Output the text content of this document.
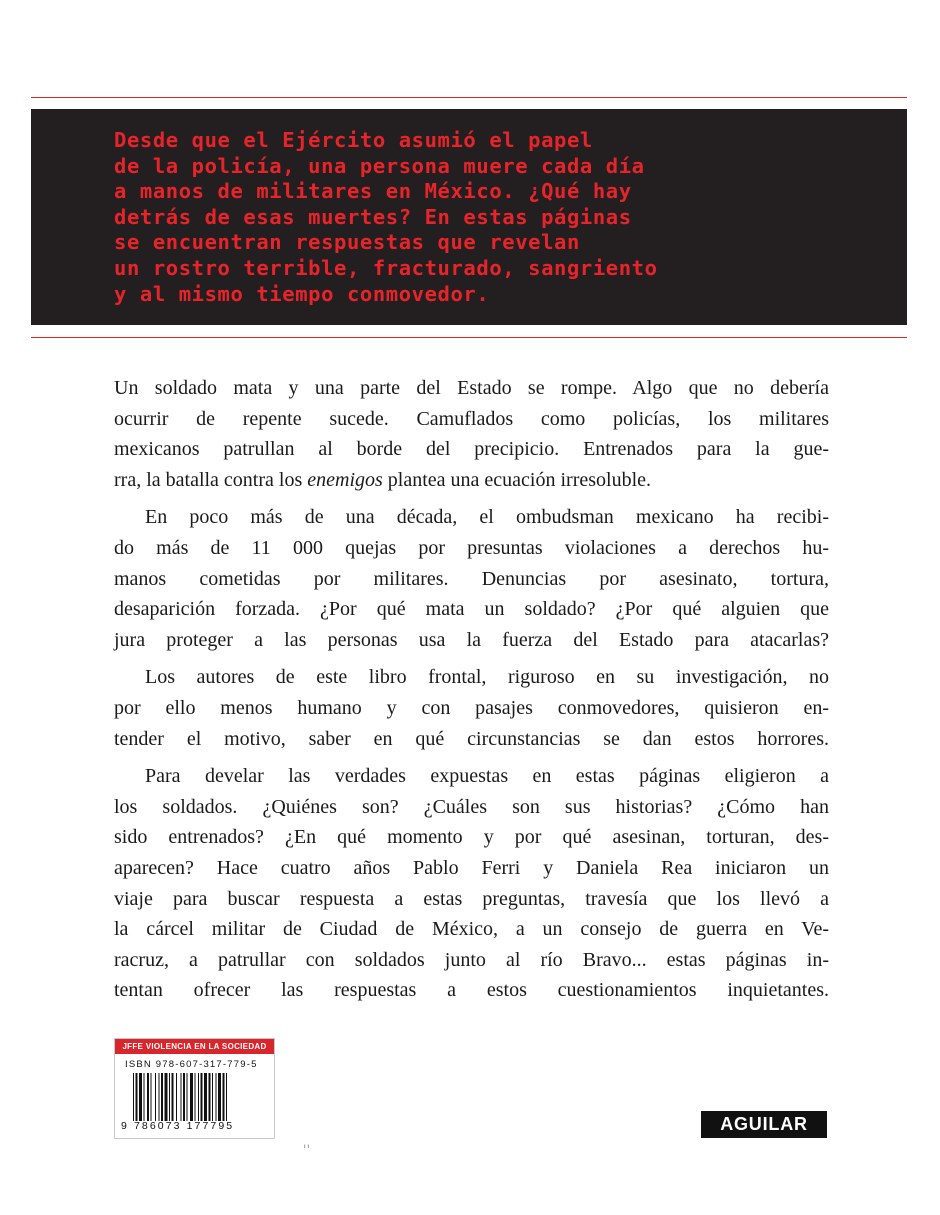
Desde que el Ejército asumió el papel
de la policía, una persona muere cada día
a manos de militares en México. ¿Qué hay
detrás de esas muertes? En estas páginas
se encuentran respuestas que revelan
un rostro terrible, fracturado, sangriento
y al mismo tiempo conmovedor.

Un soldado mata y una parte del Estado se rompe. Algo que no debería
ocurrir de repente sucede. Camuflados como policías, los militares
mexicanos patrullan al borde del precipicio. Entrenados para la gue-
rra, la batalla contra los enemigos plantea una ecuación irresoluble.

En poco más de una década, el ombudsman mexicano ha recibi-
do más de 11 000 quejas por presuntas violaciones a derechos hu-
manos cometidas por militares. Denuncias por asesinato, tortura,
desaparición forzada. ¿Por qué mata un soldado? ¿Por qué alguien que
jura proteger a las personas usa la fuerza del Estado para atacarlas?

Los autores de este libro frontal, riguroso en su investigación, no
por ello menos humano y con pasajes conmovedores, quisieron en-
tender el motivo, saber en qué circunstancias se dan estos horrores.

Para develar las verdades expuestas en estas páginas eligieron a
los soldados. ¿Quiénes son? ¿Cuáles son sus historias? ¿Cómo han
sido entrenados? ¿En qué momento y por qué asesinan, torturan, des-
aparecen? Hace cuatro años Pablo Ferri y Daniela Rea iniciaron un
viaje para buscar respuesta a estas preguntas, travesía que los llevó a
la cárcel militar de Ciudad de México, a un consejo de guerra en Ve-
racruz, a patrullar con soldados junto al río Bravo... estas páginas in-
tentan ofrecer las respuestas a estos cuestionamientos inquietantes.

JFFE VIOLENCIA EN LA SOCIEDAD
ISBN 978-607-317-779-5
9 786073 177795
ı ı
AGUILAR
